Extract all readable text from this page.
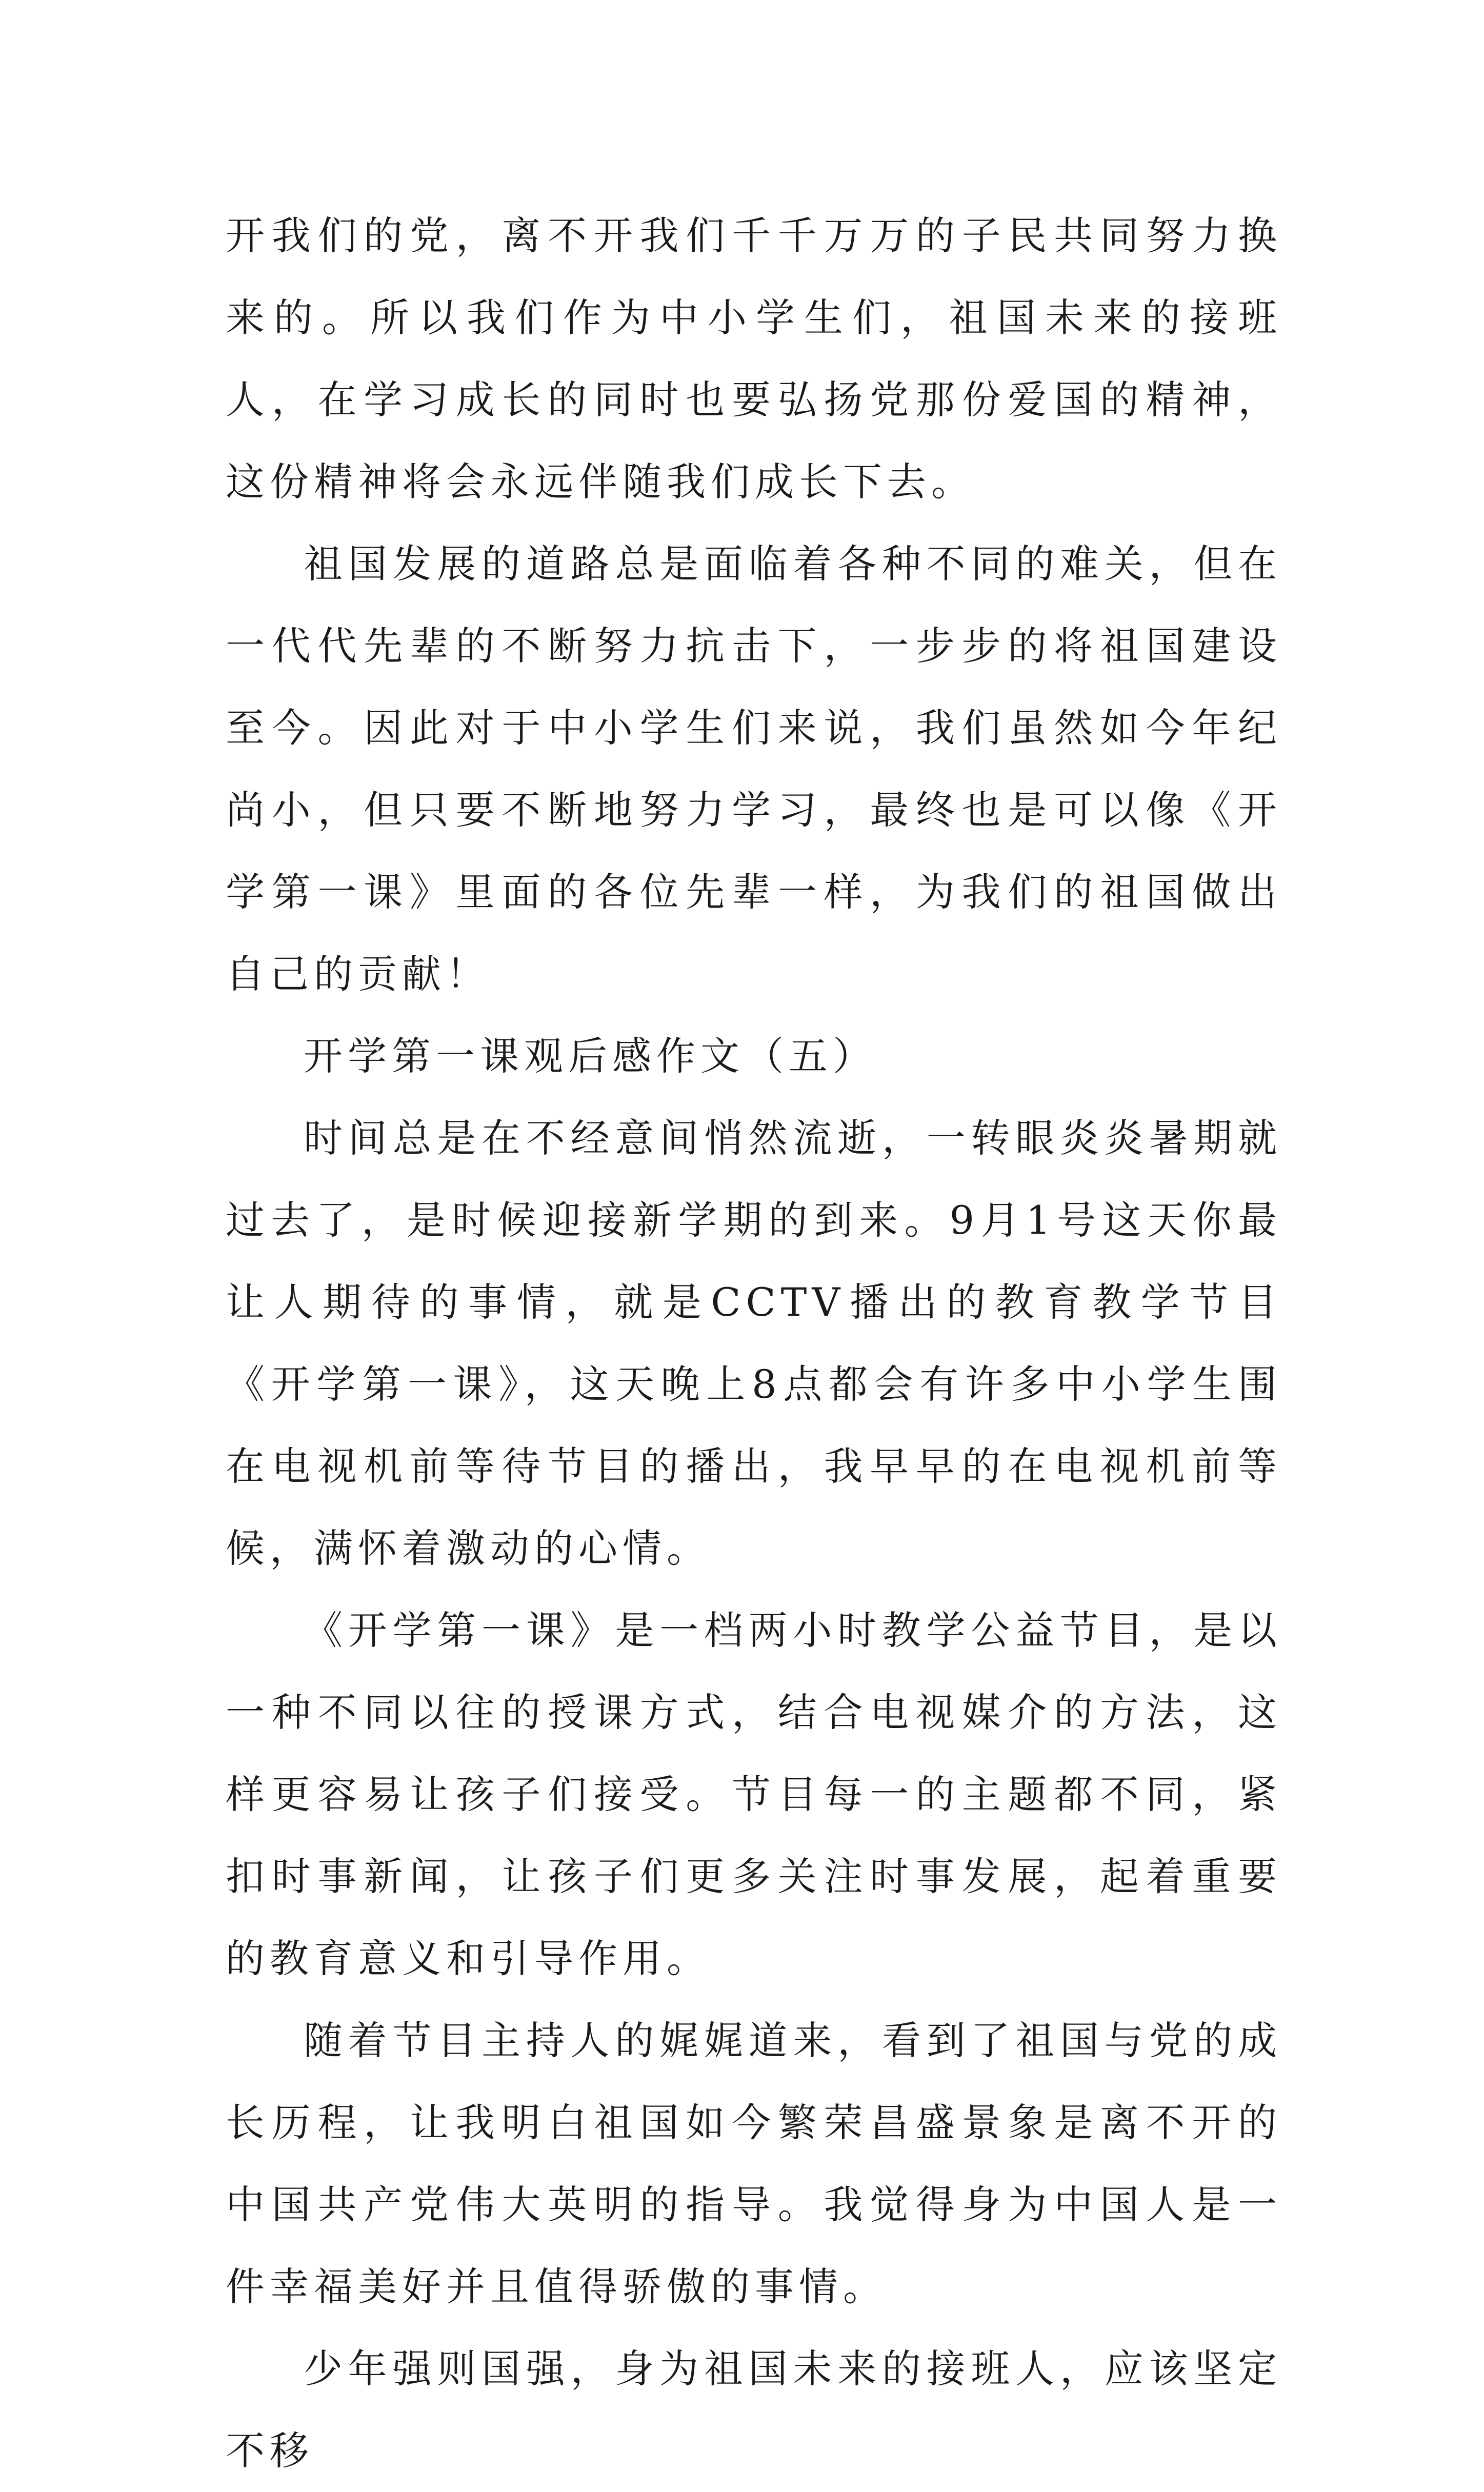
开我们的党，离不开我们千千万万的子民共同努力换来的。所以我们作为中小学生们，祖国未来的接班人，在学习成长的同时也要弘扬党那份爱国的精神，这份精神将会永远伴随我们成长下去。

祖国发展的道路总是面临着各种不同的难关，但在一代代先辈的不断努力抗击下，一步步的将祖国建设至今。因此对于中小学生们来说，我们虽然如今年纪尚小，但只要不断地努力学习，最终也是可以像《开学第一课》里面的各位先辈一样，为我们的祖国做出自己的贡献！

开学第一课观后感作文（五）

时间总是在不经意间悄然流逝，一转眼炎炎暑期就过去了，是时候迎接新学期的到来。9月1号这天你最让人期待的事情，就是CCTV播出的教育教学节目《开学第一课》，这天晚上8点都会有许多中小学生围在电视机前等待节目的播出，我早早的在电视机前等候，满怀着激动的心情。

《开学第一课》是一档两小时教学公益节目，是以一种不同以往的授课方式，结合电视媒介的方法，这样更容易让孩子们接受。节目每一的主题都不同，紧扣时事新闻，让孩子们更多关注时事发展，起着重要的教育意义和引导作用。

随着节目主持人的娓娓道来，看到了祖国与党的成长历程，让我明白祖国如今繁荣昌盛景象是离不开的中国共产党伟大英明的指导。我觉得身为中国人是一件幸福美好并且值得骄傲的事情。

少年强则国强，身为祖国未来的接班人，应该坚定不移
